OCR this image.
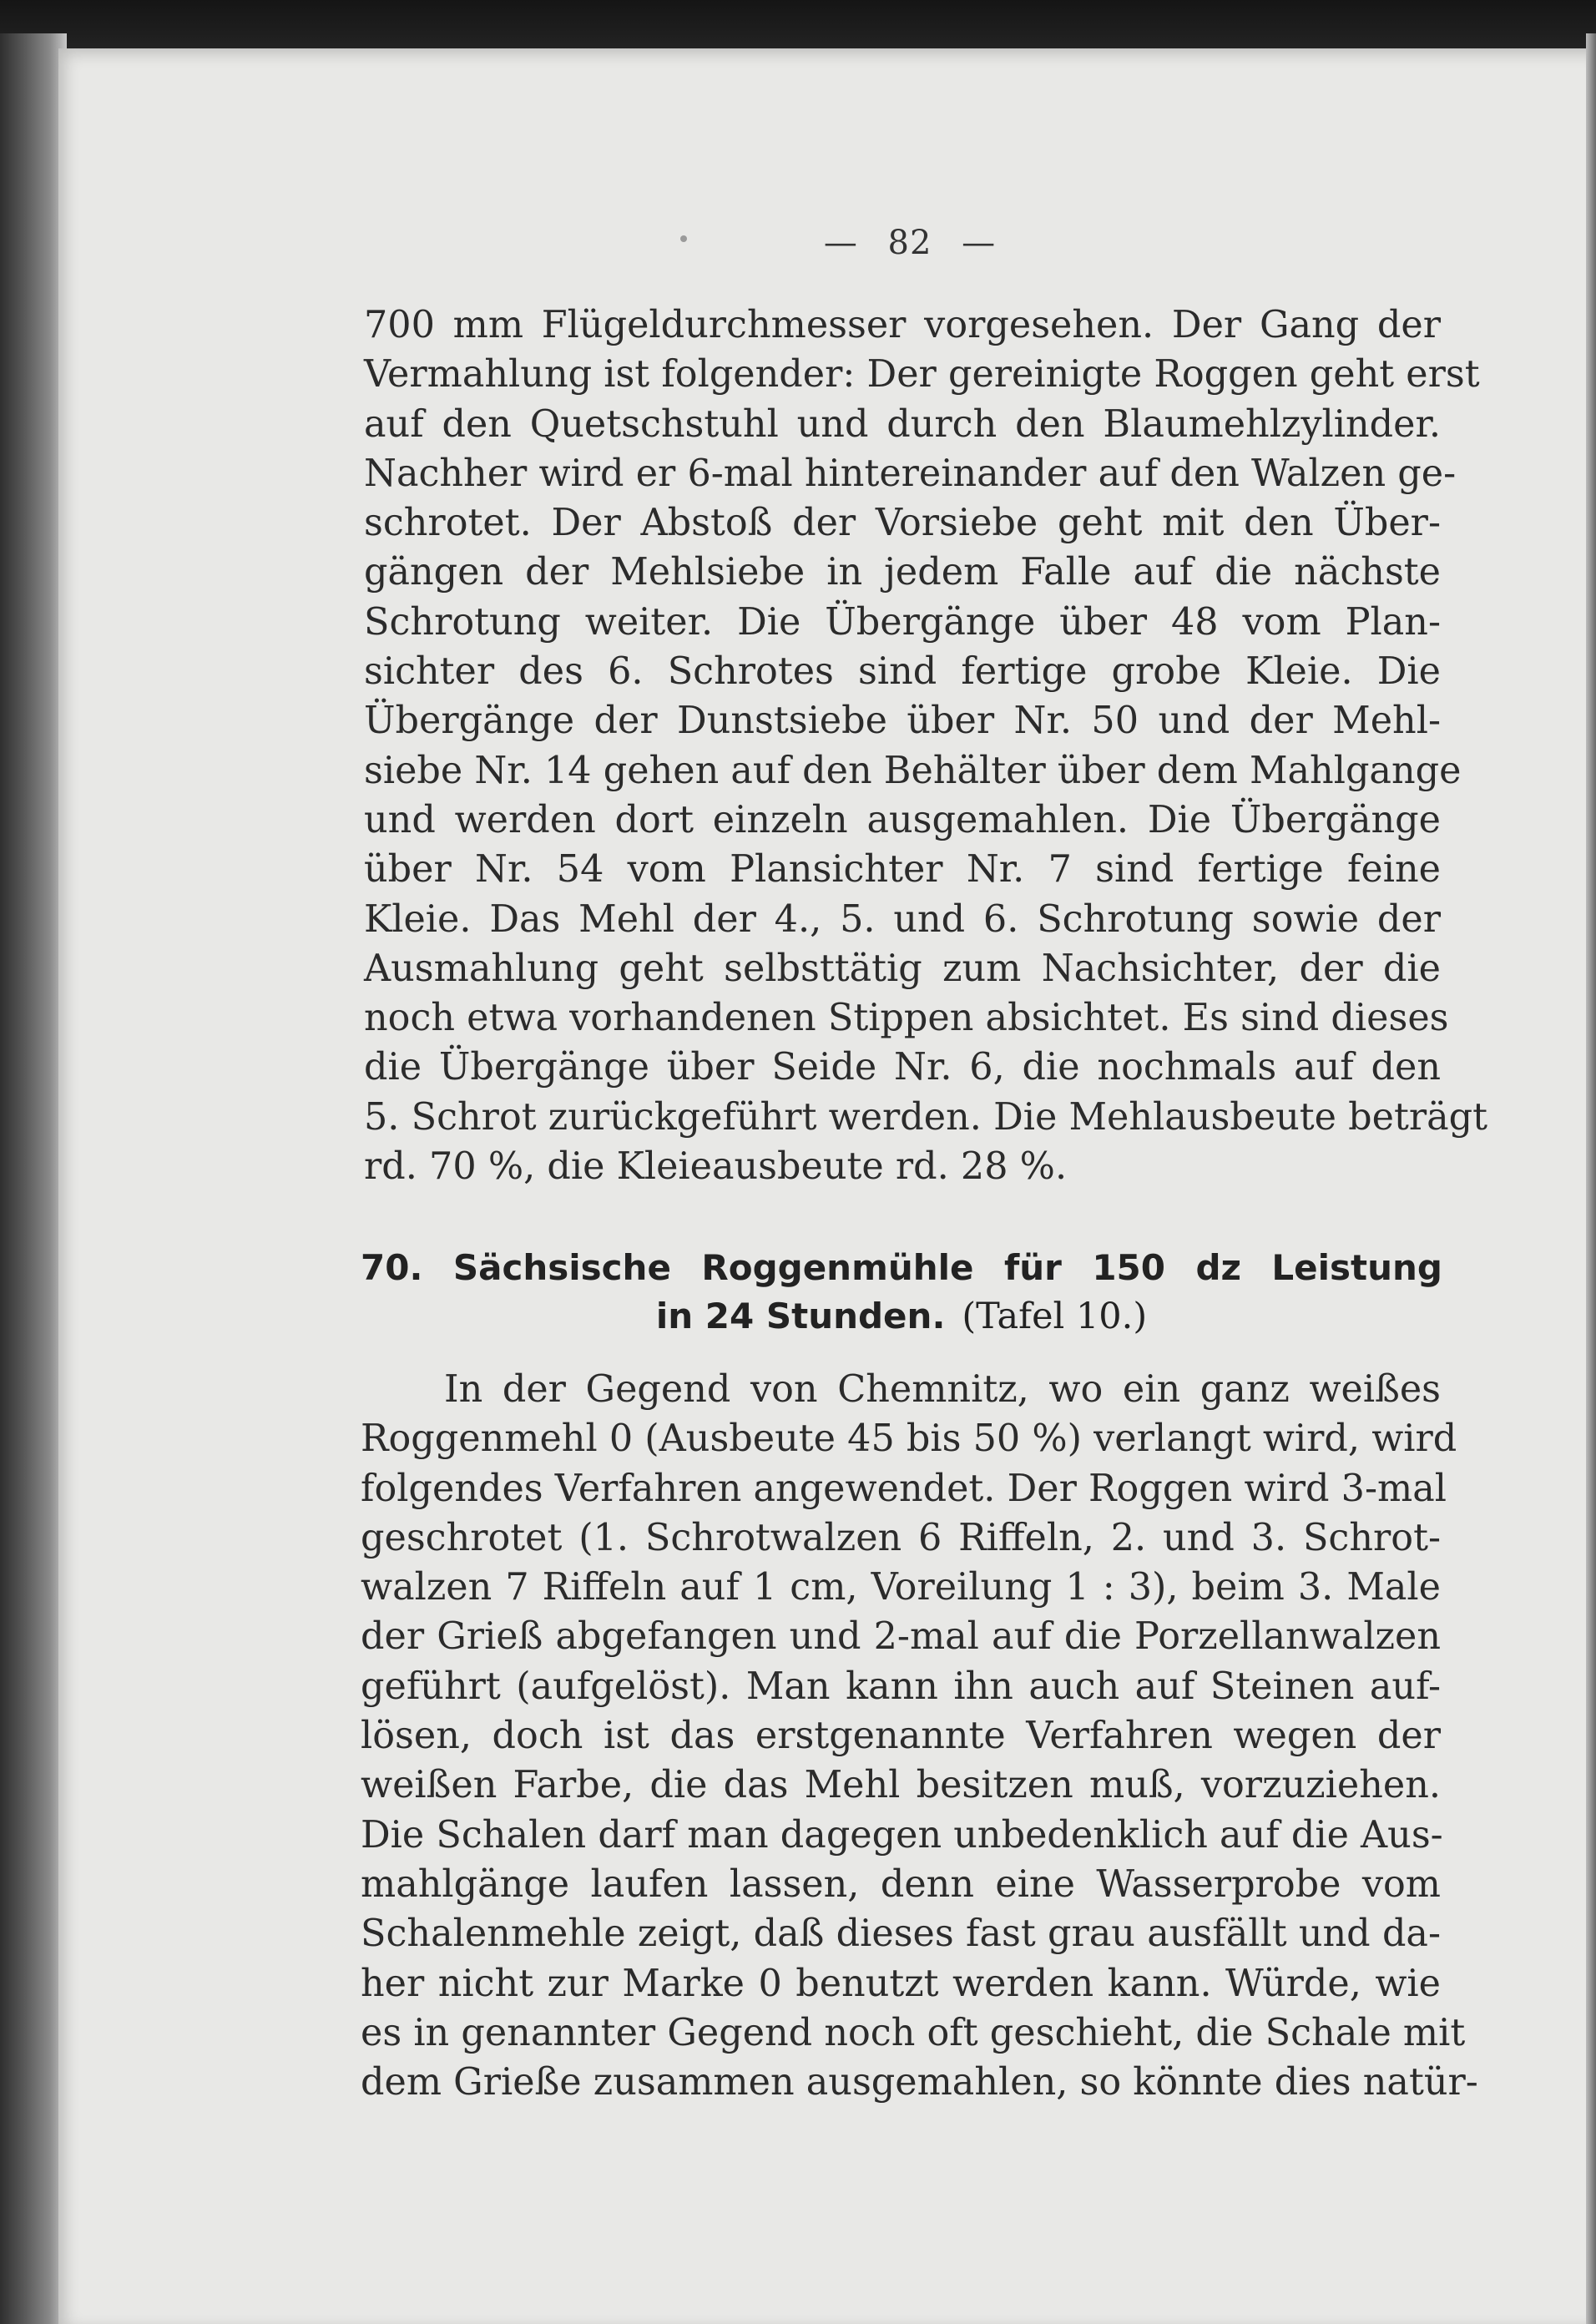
— 82 —
700 mm Flügeldurchmesser vorgesehen. Der Gang der
Vermahlung ist folgender: Der gereinigte Roggen geht erst
auf den Quetschstuhl und durch den Blaumehlzylinder.
Nachher wird er 6-mal hintereinander auf den Walzen ge-
schrotet. Der Abstoß der Vorsiebe geht mit den Über-
gängen der Mehlsiebe in jedem Falle auf die nächste
Schrotung weiter. Die Übergänge über 48 vom Plan-
sichter des 6. Schrotes sind fertige grobe Kleie. Die
Übergänge der Dunstsiebe über Nr. 50 und der Mehl-
siebe Nr. 14 gehen auf den Behälter über dem Mahlgange
und werden dort einzeln ausgemahlen. Die Übergänge
über Nr. 54 vom Plansichter Nr. 7 sind fertige feine
Kleie. Das Mehl der 4., 5. und 6. Schrotung sowie der
Ausmahlung geht selbsttätig zum Nachsichter, der die
noch etwa vorhandenen Stippen absichtet. Es sind dieses
die Übergänge über Seide Nr. 6, die nochmals auf den
5. Schrot zurückgeführt werden. Die Mehlausbeute beträgt
rd. 70 %, die Kleieausbeute rd. 28 %.
70. Sächsische Roggenmühle für 150 dz Leistung
in 24 Stunden. (Tafel 10.)
In der Gegend von Chemnitz, wo ein ganz weißes
Roggenmehl 0 (Ausbeute 45 bis 50 %) verlangt wird, wird
folgendes Verfahren angewendet. Der Roggen wird 3-mal
geschrotet (1. Schrotwalzen 6 Riffeln, 2. und 3. Schrot-
walzen 7 Riffeln auf 1 cm, Voreilung 1 : 3), beim 3. Male
der Grieß abgefangen und 2-mal auf die Porzellanwalzen
geführt (aufgelöst). Man kann ihn auch auf Steinen auf-
lösen, doch ist das erstgenannte Verfahren wegen der
weißen Farbe, die das Mehl besitzen muß, vorzuziehen.
Die Schalen darf man dagegen unbedenklich auf die Aus-
mahlgänge laufen lassen, denn eine Wasserprobe vom
Schalenmehle zeigt, daß dieses fast grau ausfällt und da-
her nicht zur Marke 0 benutzt werden kann. Würde, wie
es in genannter Gegend noch oft geschieht, die Schale mit
dem Grieße zusammen ausgemahlen, so könnte dies natür-
